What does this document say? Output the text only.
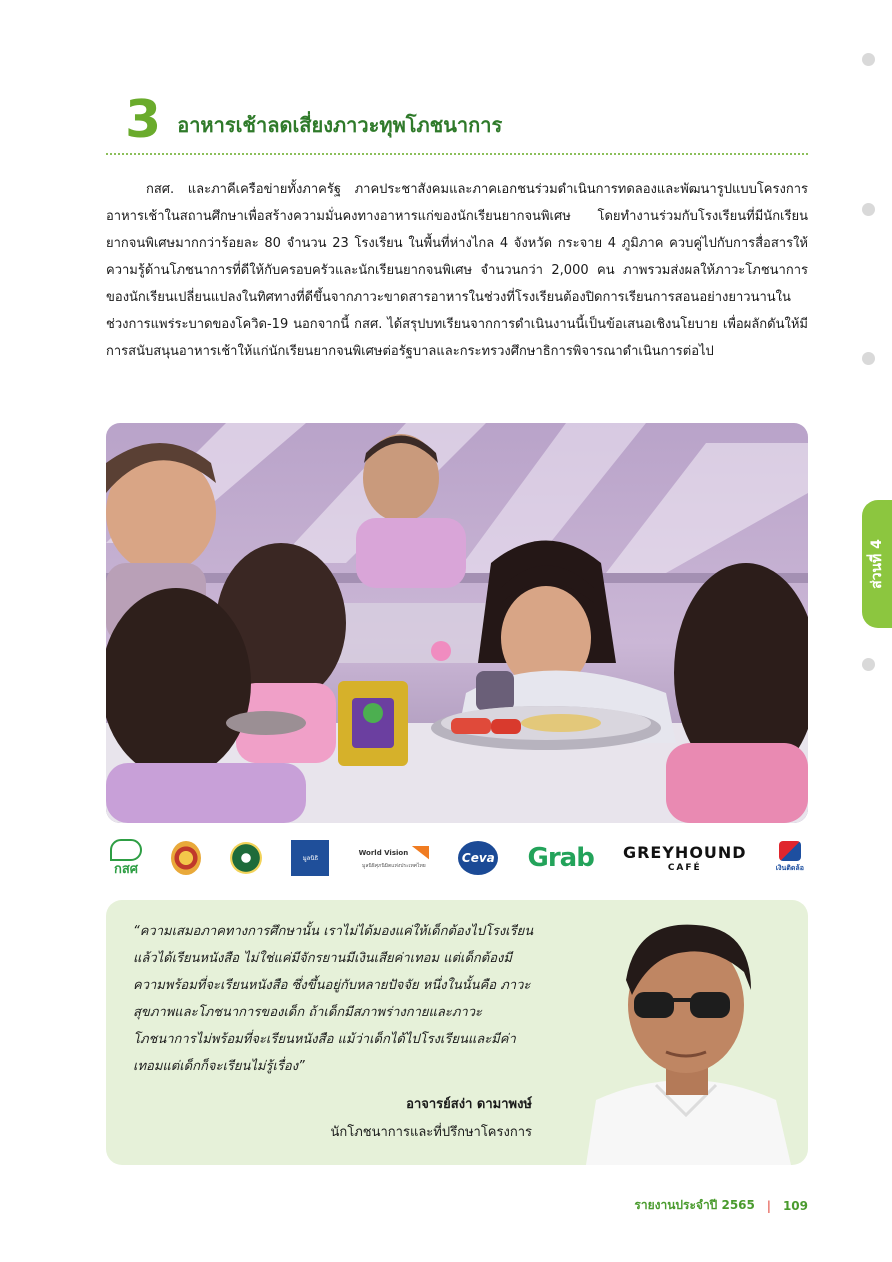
ส่วนที่ 4
3 อาหารเช้าลดเสี่ยงภาวะทุพโภชนาการ

กสศ. และภาคีเครือข่ายทั้งภาครัฐ ภาคประชาสังคมและภาคเอกชนร่วมดำเนินการทดลองและพัฒนารูปแบบโครงการอาหารเช้าในสถานศึกษาเพื่อสร้างความมั่นคงทางอาหารแก่ของนักเรียนยากจนพิเศษ โดยทำงานร่วมกับโรงเรียนที่มีนักเรียนยากจนพิเศษมากกว่าร้อยละ 80 จำนวน 23 โรงเรียน ในพื้นที่ห่างไกล 4 จังหวัด กระจาย 4 ภูมิภาค ควบคู่ไปกับการสื่อสารให้ความรู้ด้านโภชนาการที่ดีให้กับครอบครัวและนักเรียนยากจนพิเศษ จำนวนกว่า 2,000 คน ภาพรวมส่งผลให้ภาวะโภชนาการของนักเรียนเปลี่ยนแปลงในทิศทางที่ดีขึ้นจากภาวะขาดสารอาหารในช่วงที่โรงเรียนต้องปิดการเรียนการสอนอย่างยาวนานในช่วงการแพร่ระบาดของโควิด-19 นอกจากนี้ กสศ. ได้สรุปบทเรียนจากการดำเนินงานนี้เป็นข้อเสนอเชิงนโยบาย เพื่อผลักดันให้มีการสนับสนุนอาหารเช้าให้แก่นักเรียนยากจนพิเศษต่อรัฐบาลและกระทรวงศึกษาธิการพิจารณาดำเนินการต่อไป

กสศ
มูลนิธิ
World Vision
มูลนิธิศุภนิมิตแห่งประเทศไทย
Ceva Grab GREYHOUND
CAFÉ	เงินติดล้อ

“ความเสมอภาคทางการศึกษานั้น เราไม่ได้มองแค่ให้เด็กต้องไปโรงเรียนแล้วได้เรียนหนังสือ ไม่ใช่แค่มีจักรยานมีเงินเสียค่าเทอม แต่เด็กต้องมีความพร้อมที่จะเรียนหนังสือ ซึ่งขึ้นอยู่กับหลายปัจจัย หนึ่งในนั้นคือ ภาวะสุขภาพและโภชนาการของเด็ก ถ้าเด็กมีสภาพร่างกายและภาวะโภชนาการไม่พร้อมที่จะเรียนหนังสือ แม้ว่าเด็กได้ไปโรงเรียนและมีค่าเทอมแต่เด็กก็จะเรียนไม่รู้เรื่อง”

อาจารย์สง่า ดามาพงษ์
นักโภชนาการและที่ปรึกษาโครงการ
รายงานประจำปี 2565 | 109
